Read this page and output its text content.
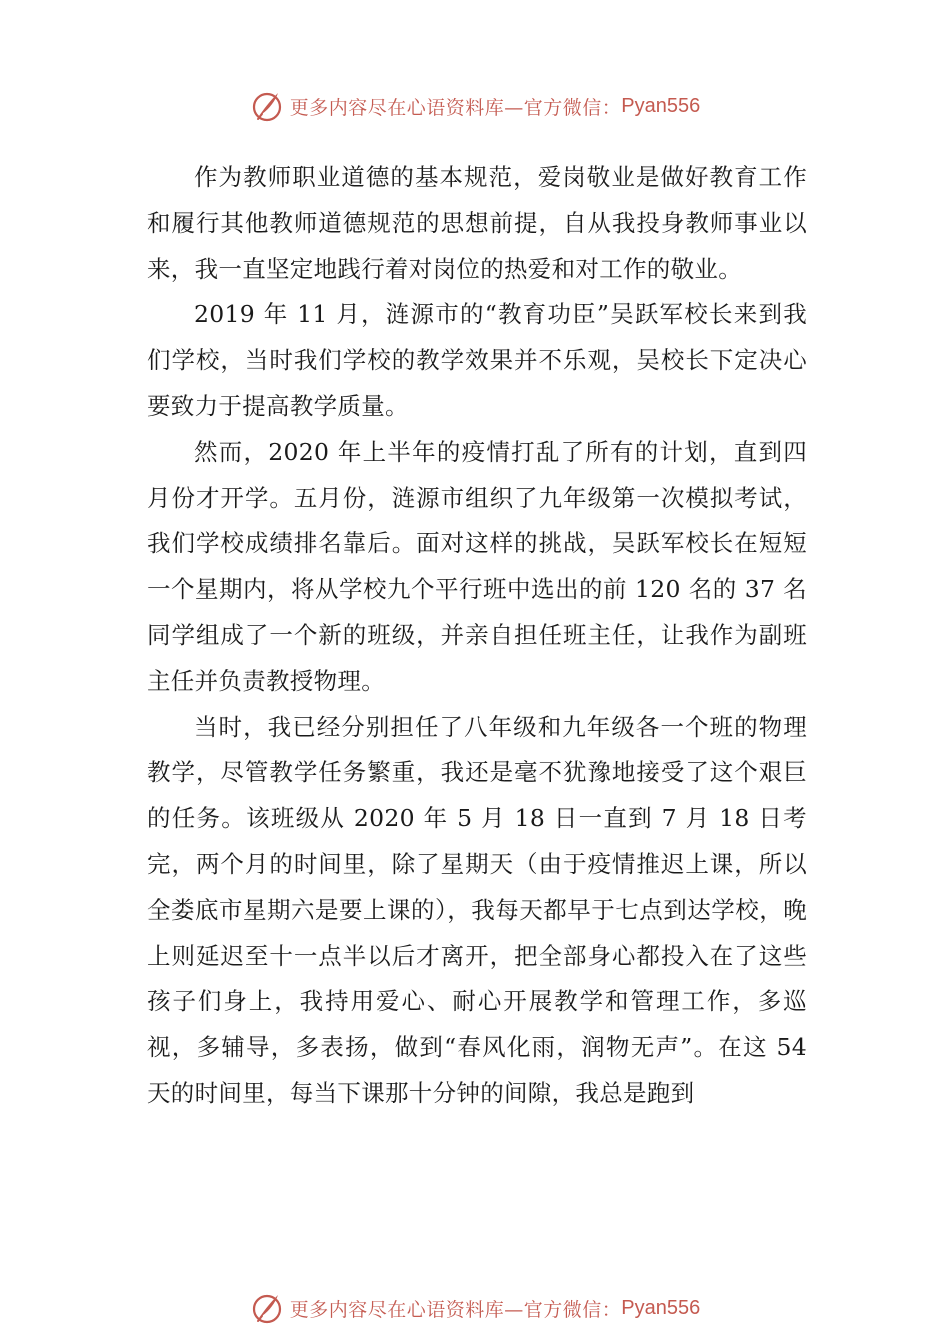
更多内容尽在心语资料库—官方微信： Pyan556

作为教师职业道德的基本规范，爱岗敬业是做好教育工作和履行其他教师道德规范的思想前提，自从我投身教师事业以来，我一直坚定地践行着对岗位的热爱和对工作的敬业。

2019 年 11 月，涟源市的“教育功臣”吴跃军校长来到我们学校，当时我们学校的教学效果并不乐观，吴校长下定决心要致力于提高教学质量。

然而，2020 年上半年的疫情打乱了所有的计划，直到四月份才开学。五月份，涟源市组织了九年级第一次模拟考试，我们学校成绩排名靠后。面对这样的挑战，吴跃军校长在短短一个星期内，将从学校九个平行班中选出的前 120 名的 37 名同学组成了一个新的班级，并亲自担任班主任，让我作为副班主任并负责教授物理。

当时，我已经分别担任了八年级和九年级各一个班的物理教学，尽管教学任务繁重，我还是毫不犹豫地接受了这个艰巨的任务。该班级从 2020 年 5 月 18 日一直到 7 月 18 日考完，两个月的时间里，除了星期天（由于疫情推迟上课，所以全娄底市星期六是要上课的），我每天都早于七点到达学校，晚上则延迟至十一点半以后才离开，把全部身心都投入在了这些孩子们身上，我持用爱心、耐心开展教学和管理工作，多巡视，多辅导，多表扬，做到“春风化雨，润物无声”。在这 54 天的时间里，每当下课那十分钟的间隙，我总是跑到

更多内容尽在心语资料库—官方微信： Pyan556
